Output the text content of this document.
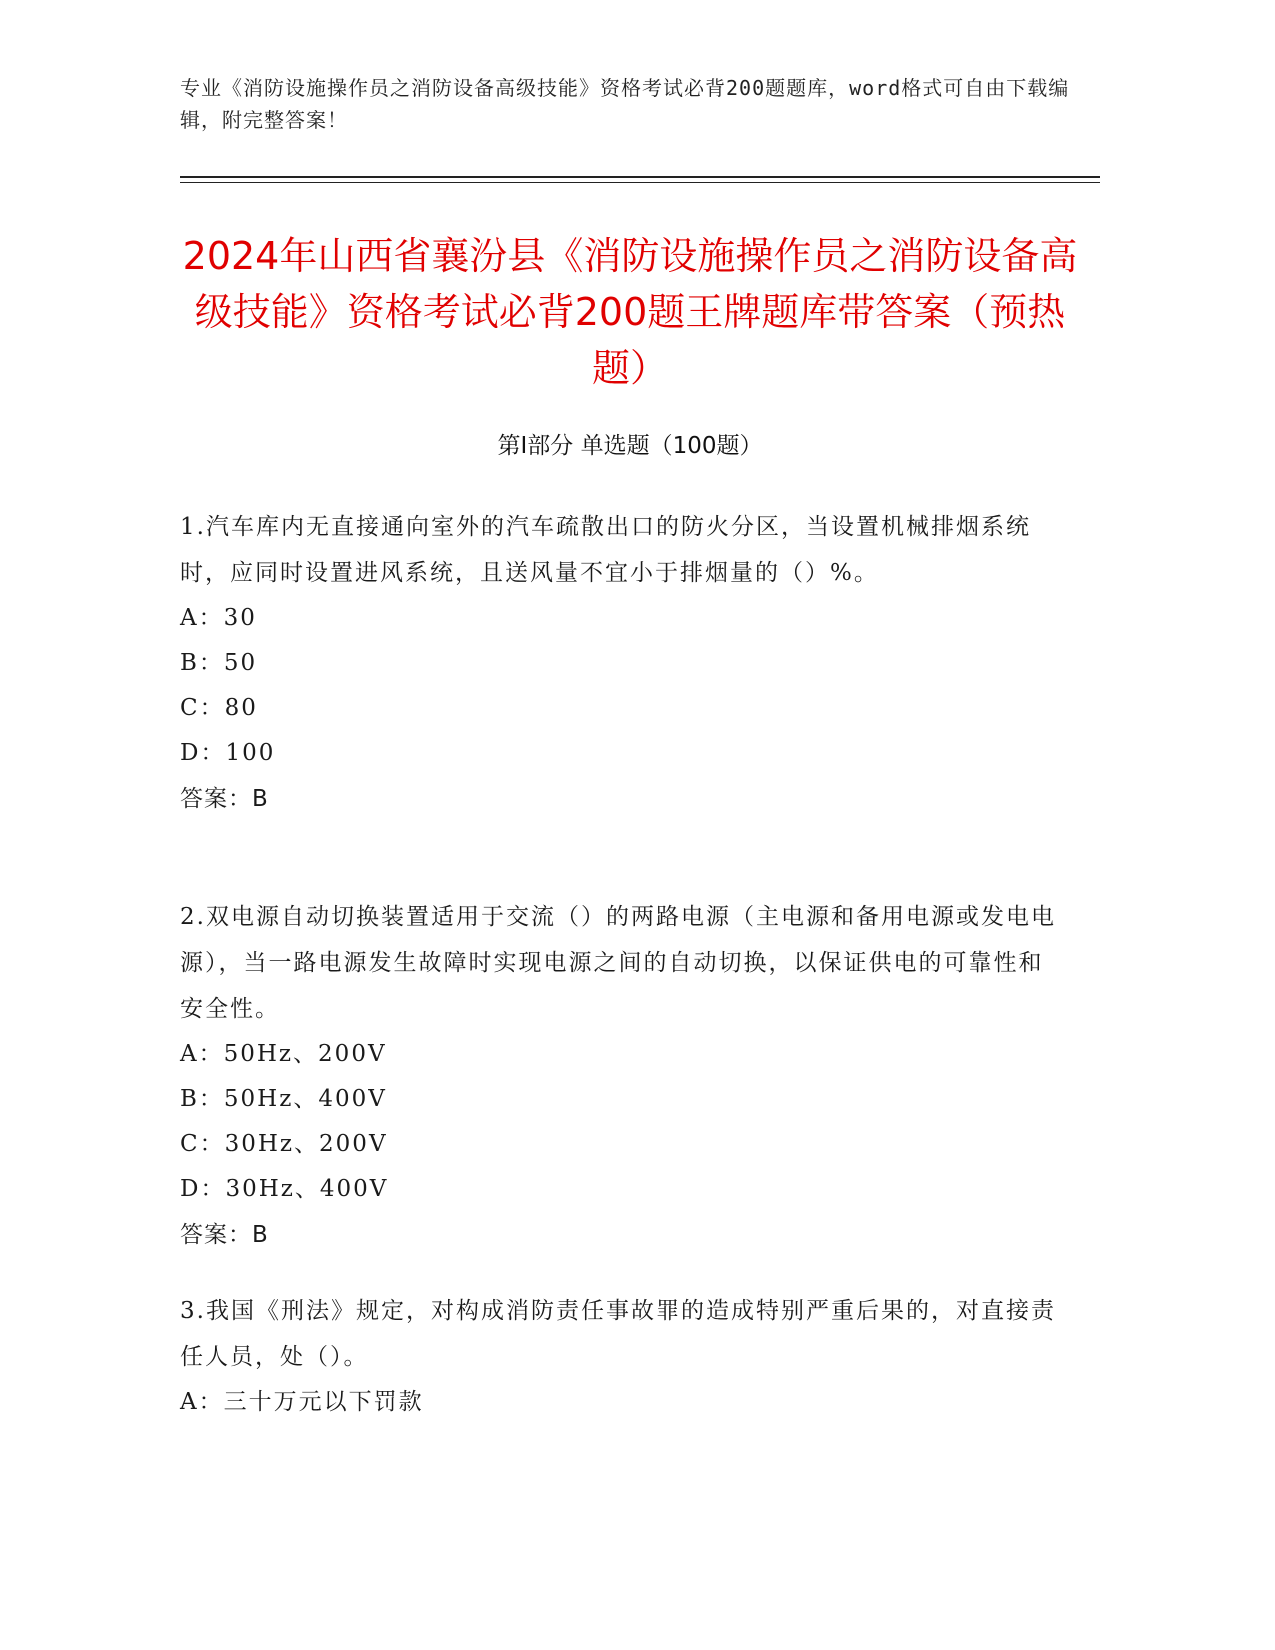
专业《消防设施操作员之消防设备高级技能》资格考试必背200题题库，word格式可自由下载编辑，附完整答案！
2024年山西省襄汾县《消防设施操作员之消防设备高级技能》资格考试必背200题王牌题库带答案（预热题）
第Ⅰ部分 单选题（100题）

1.汽车库内无直接通向室外的汽车疏散出口的防火分区，当设置机械排烟系统时，应同时设置进风系统，且送风量不宜小于排烟量的（）%。

A：30

B：50

C：80

D：100

答案：B

2.双电源自动切换装置适用于交流（）的两路电源（主电源和备用电源或发电电源），当一路电源发生故障时实现电源之间的自动切换，以保证供电的可靠性和安全性。

A：50Hz、200V

B：50Hz、400V

C：30Hz、200V

D：30Hz、400V

答案：B

3.我国《刑法》规定，对构成消防责任事故罪的造成特别严重后果的，对直接责任人员，处（）。

A：三十万元以下罚款
